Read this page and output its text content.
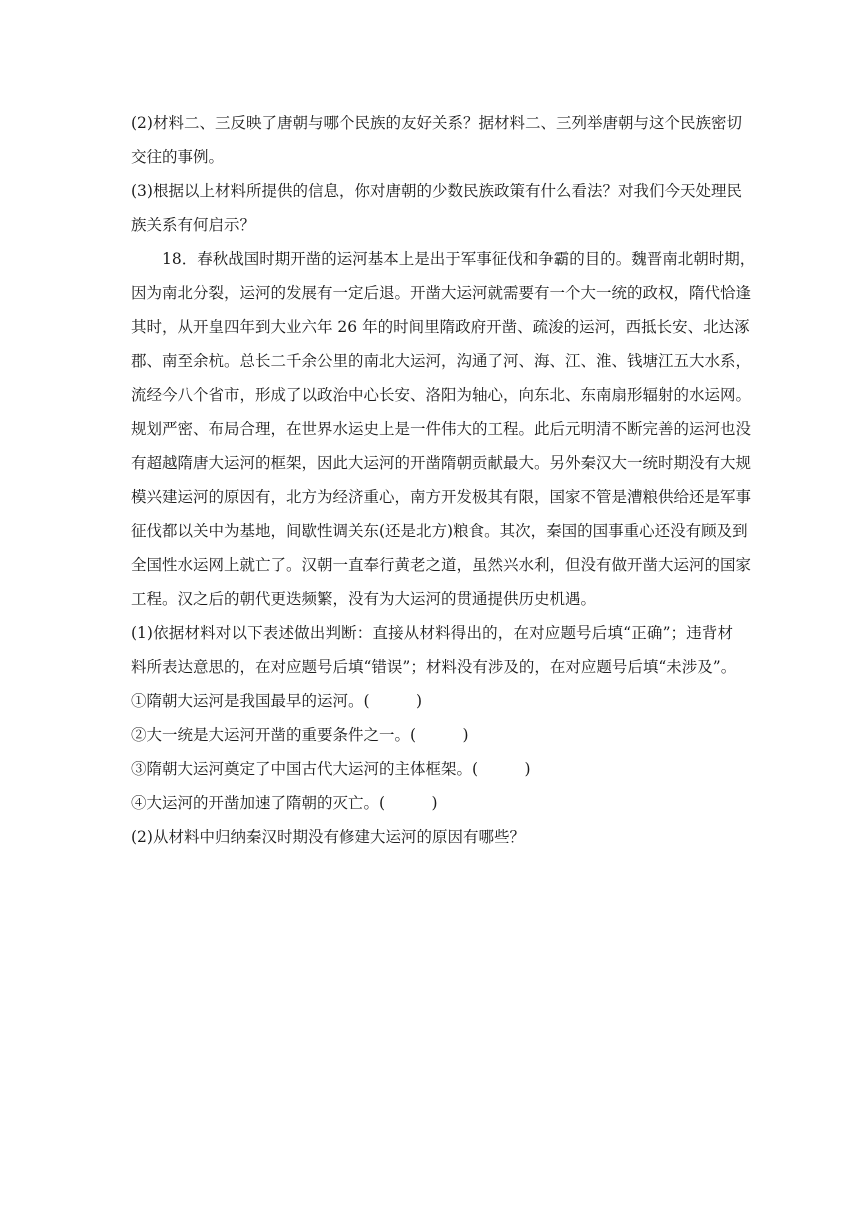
(2)材料二、三反映了唐朝与哪个民族的友好关系？据材料二、三列举唐朝与这个民族密切
交往的事例。
(3)根据以上材料所提供的信息，你对唐朝的少数民族政策有什么看法？对我们今天处理民
族关系有何启示？
18．春秋战国时期开凿的运河基本上是出于军事征伐和争霸的目的。魏晋南北朝时期，
因为南北分裂，运河的发展有一定后退。开凿大运河就需要有一个大一统的政权，隋代恰逢
其时，从开皇四年到大业六年 26 年的时间里隋政府开凿、疏浚的运河，西抵长安、北达涿
郡、南至余杭。总长二千余公里的南北大运河，沟通了河、海、江、淮、钱塘江五大水系，
流经今八个省市，形成了以政治中心长安、洛阳为轴心，向东北、东南扇形辐射的水运网。
规划严密、布局合理，在世界水运史上是一件伟大的工程。此后元明清不断完善的运河也没
有超越隋唐大运河的框架，因此大运河的开凿隋朝贡献最大。另外秦汉大一统时期没有大规
模兴建运河的原因有，北方为经济重心，南方开发极其有限，国家不管是漕粮供给还是军事
征伐都以关中为基地，间歇性调关东(还是北方)粮食。其次，秦国的国事重心还没有顾及到
全国性水运网上就亡了。汉朝一直奉行黄老之道，虽然兴水利，但没有做开凿大运河的国家
工程。汉之后的朝代更迭频繁，没有为大运河的贯通提供历史机遇。
(1)依据材料对以下表述做出判断：直接从材料得出的，在对应题号后填“正确”；违背材
料所表达意思的，在对应题号后填“错误”；材料没有涉及的，在对应题号后填“未涉及”。
①隋朝大运河是我国最早的运河。(　　　)
②大一统是大运河开凿的重要条件之一。(　　　)
③隋朝大运河奠定了中国古代大运河的主体框架。(　　　)
④大运河的开凿加速了隋朝的灭亡。(　　　)
(2)从材料中归纳秦汉时期没有修建大运河的原因有哪些？
